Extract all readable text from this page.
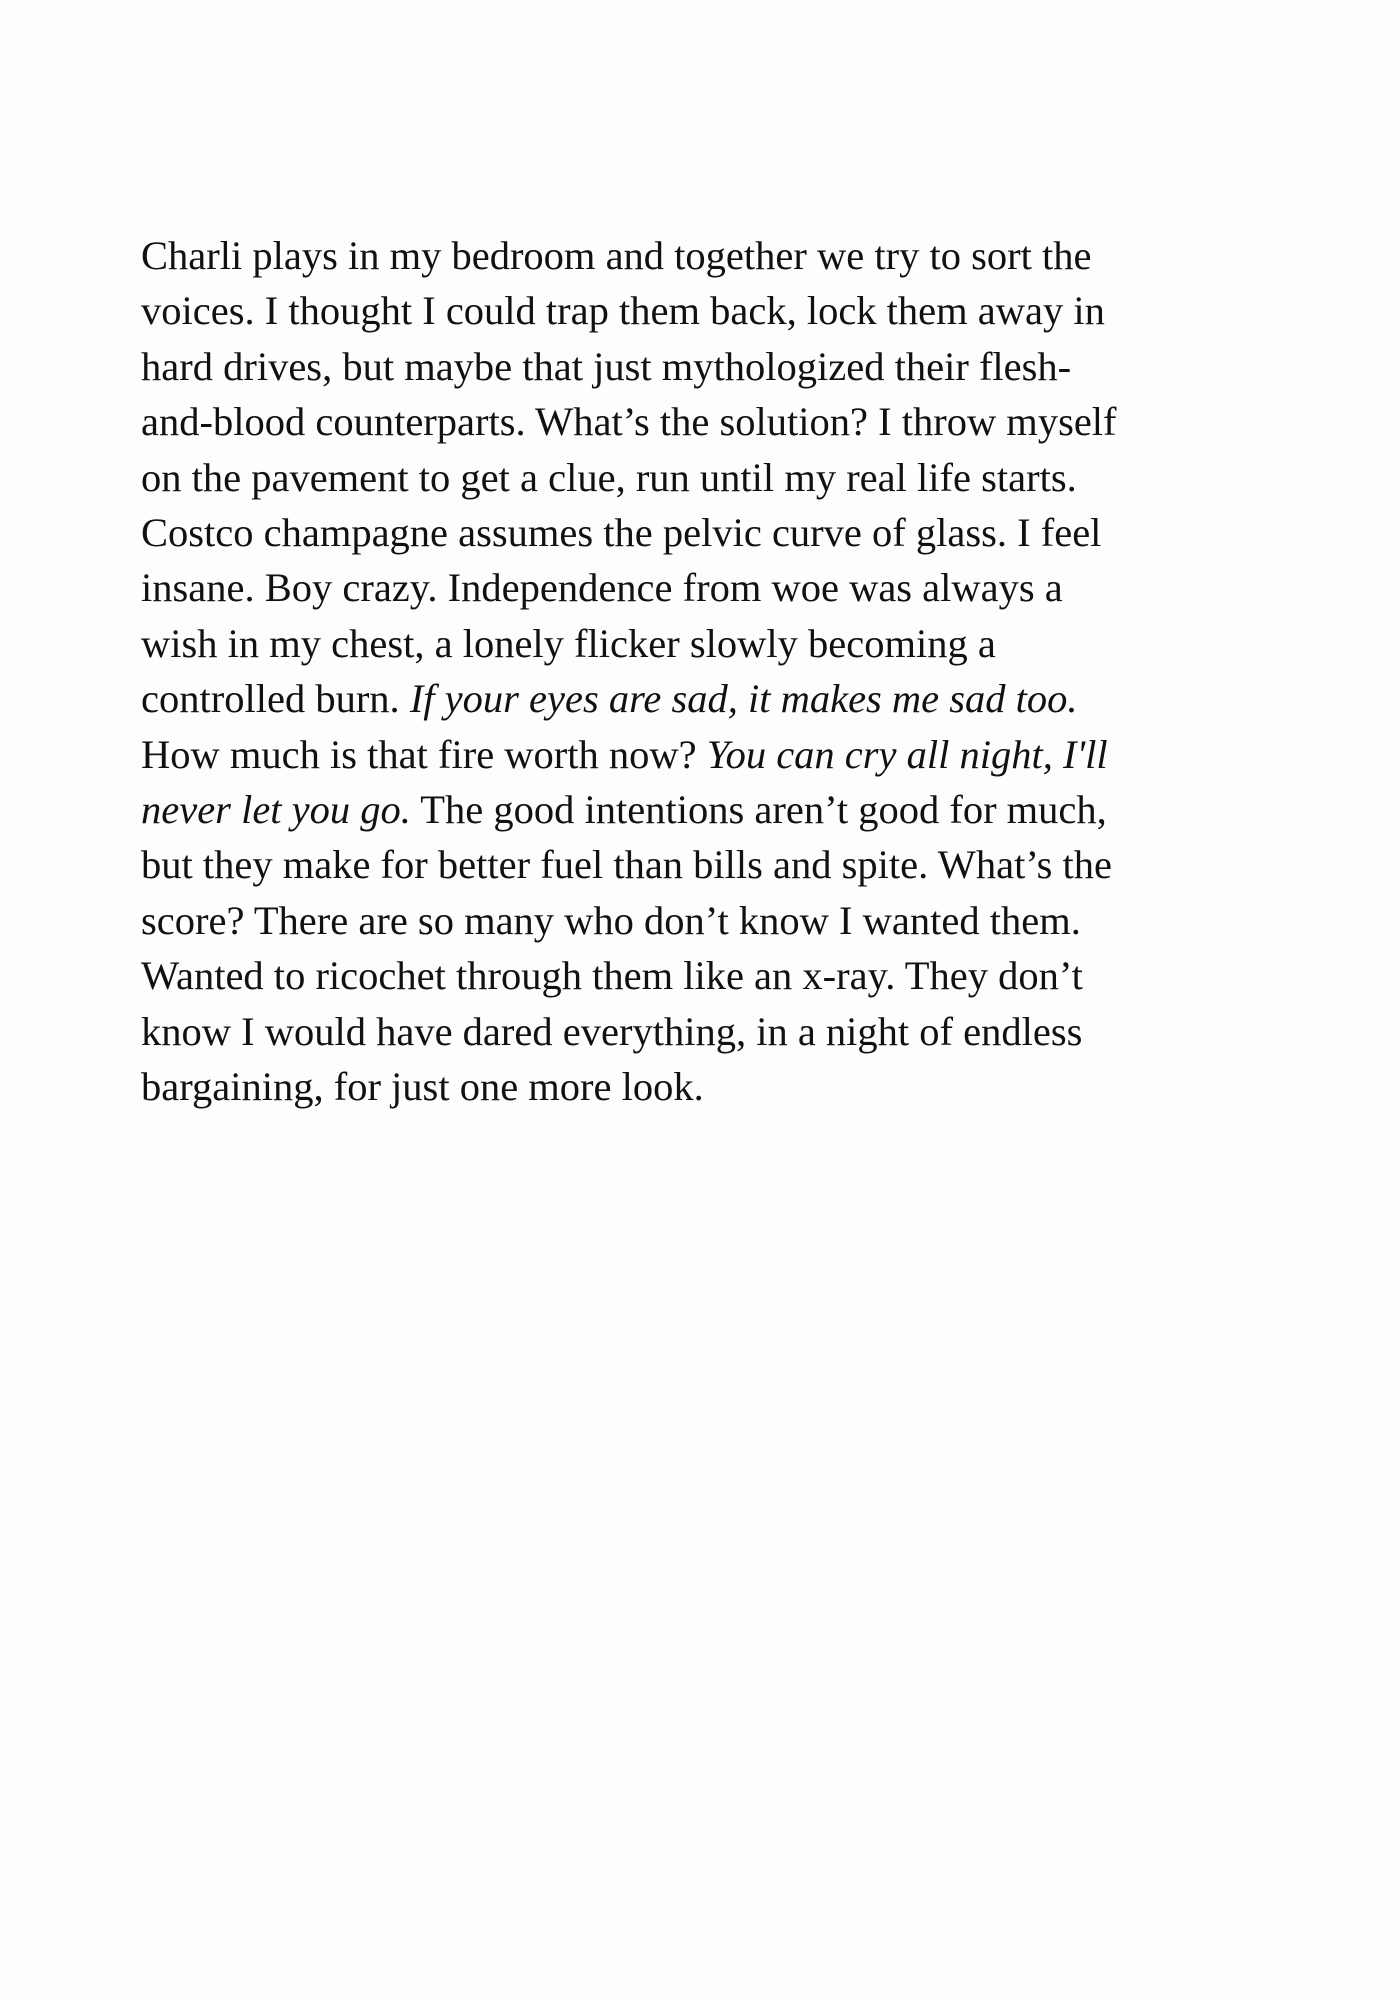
Charli plays in my bedroom and together we try to sort the
voices. I thought I could trap them back, lock them away in
hard drives, but maybe that just mythologized their flesh-
and-blood counterparts. What’s the solution? I throw myself
on the pavement to get a clue, run until my real life starts.
Costco champagne assumes the pelvic curve of glass. I feel
insane. Boy crazy. Independence from woe was always a
wish in my chest, a lonely flicker slowly becoming a
controlled burn. If your eyes are sad, it makes me sad too.
How much is that fire worth now? You can cry all night, I'll
never let you go. The good intentions aren’t good for much,
but they make for better fuel than bills and spite. What’s the
score? There are so many who don’t know I wanted them.
Wanted to ricochet through them like an x-ray. They don’t
know I would have dared everything, in a night of endless
bargaining, for just one more look.
